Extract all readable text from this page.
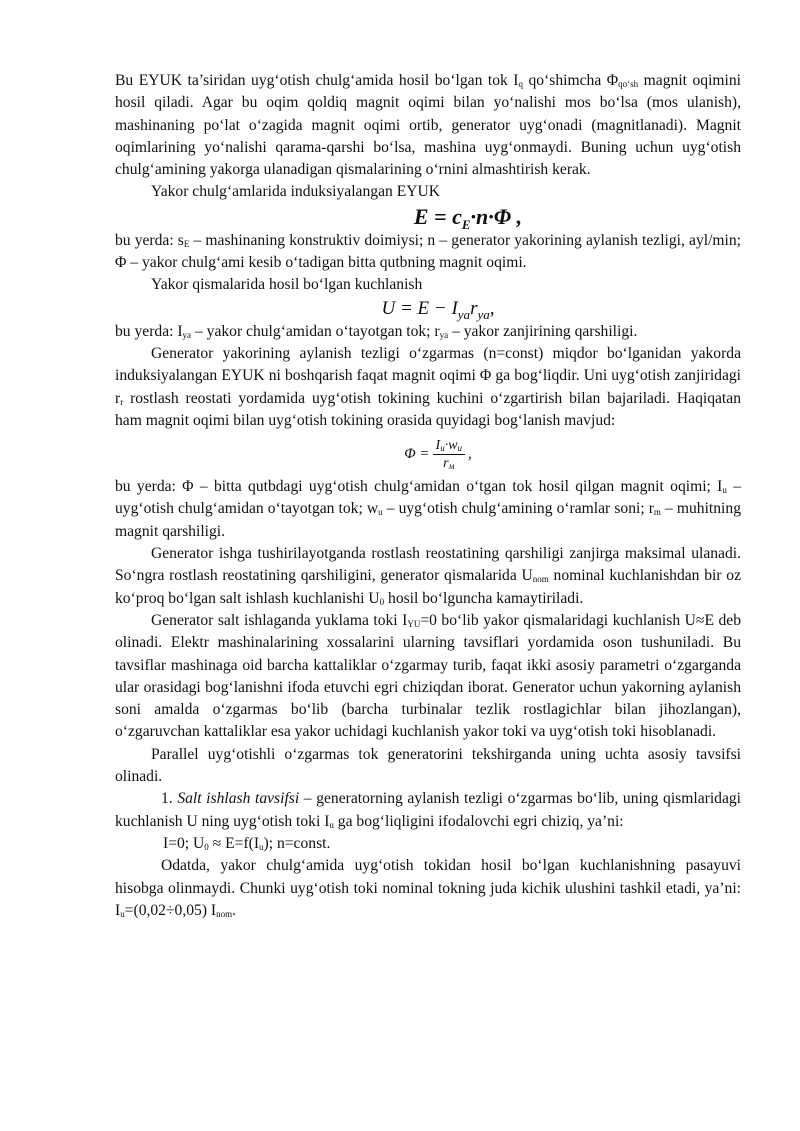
Bu EYUK ta’siridan uyg‘otish chulg‘amida hosil bo‘lgan tok $I_q$ qo‘shimcha $\Phi_{qo‘sh}$ magnit oqimini hosil qiladi. Agar bu oqim qoldiq magnit oqimi bilan yo‘nalishi mos bo‘lsa (mos ulanish), mashinaning po‘lat o‘zagida magnit oqimi ortib, generator uyg‘onadi (magnitlanadi). Magnit oqimlarining yo‘nalishi qarama-qarshi bo‘lsa, mashina uyg‘onmaydi. Buning uchun uyg‘otish chulg‘amining yakorga ulanadigan qismalarining o‘rnini almashtirish kerak.

Yakor chulg‘amlarida induksiyalangan EYUK

$E = c_E\cdot n\cdot\Phi$ ,

bu yerda: $s_E$ – mashinaning konstruktiv doimiysi; n – generator yakorining aylanish tezligi, ayl/min; Φ – yakor chulg‘ami kesib o‘tadigan bitta qutbning magnit oqimi.

Yakor qismalarida hosil bo‘lgan kuchlanish

$U = E - I_{ya}r_{ya}$,

bu yerda: $I_{ya}$ – yakor chulg‘amidan o‘tayotgan tok; $r_{ya}$ – yakor zanjirining qarshiligi.

Generator yakorining aylanish tezligi o‘zgarmas (n=const) miqdor bo‘lganidan yakorda induksiyalangan EYUK ni boshqarish faqat magnit oqimi Φ ga bog‘liqdir. Uni uyg‘otish zanjiridagi $r_r$ rostlash reostati yordamida uyg‘otish tokining kuchini o‘zgartirish bilan bajariladi. Haqiqatan ham magnit oqimi bilan uyg‘otish tokining orasida quyidagi bog‘lanish mavjud:

$\Phi = \frac{I_u\cdot w_u}{r_м}$ ,

bu yerda: Φ – bitta qutbdagi uyg‘otish chulg‘amidan o‘tgan tok hosil qilgan magnit oqimi; $I_u$ – uyg‘otish chulg‘amidan o‘tayotgan tok; $w_u$ – uyg‘otish chulg‘amining o‘ramlar soni; $r_m$ – muhitning magnit qarshiligi.

Generator ishga tushirilayotganda rostlash reostatining qarshiligi zanjirga maksimal ulanadi. So‘ngra rostlash reostatining qarshiligini, generator qismalarida $U_{nom}$ nominal kuchlanishdan bir oz ko‘proq bo‘lgan salt ishlash kuchlanishi $U_0$ hosil bo‘lguncha kamaytiriladi.

Generator salt ishlaganda yuklama toki $I_{YU}=0$ bo‘lib yakor qismalaridagi kuchlanish U≈E deb olinadi. Elektr mashinalarining xossalarini ularning tavsiflari yordamida oson tushuniladi. Bu tavsiflar mashinaga oid barcha kattaliklar o‘zgarmay turib, faqat ikki asosiy parametri o‘zgarganda ular orasidagi bog‘lanishni ifoda etuvchi egri chiziqdan iborat. Generator uchun yakorning aylanish soni amalda o‘zgarmas bo‘lib (barcha turbinalar tezlik rostlagichlar bilan jihozlangan), o‘zgaruvchan kattaliklar esa yakor uchidagi kuchlanish yakor toki va uyg‘otish toki hisoblanadi.

Parallel uyg‘otishli o‘zgarmas tok generatorini tekshirganda uning uchta asosiy tavsifsi olinadi.

1. Salt ishlash tavsifsi – generatorning aylanish tezligi o‘zgarmas bo‘lib, uning qismlaridagi kuchlanish U ning uyg‘otish toki $I_u$ ga bog‘liqligini ifodalovchi egri chiziq, ya’ni:

I=0; $U_0 \approx E=f(I_u)$; n=const.

Odatda, yakor chulg‘amida uyg‘otish tokidan hosil bo‘lgan kuchlanishning pasayuvi hisobga olinmaydi. Chunki uyg‘otish toki nominal tokning juda kichik ulushini tashkil etadi, ya’ni: $I_u=(0,02\div 0,05)$ $I_{nom}$.
